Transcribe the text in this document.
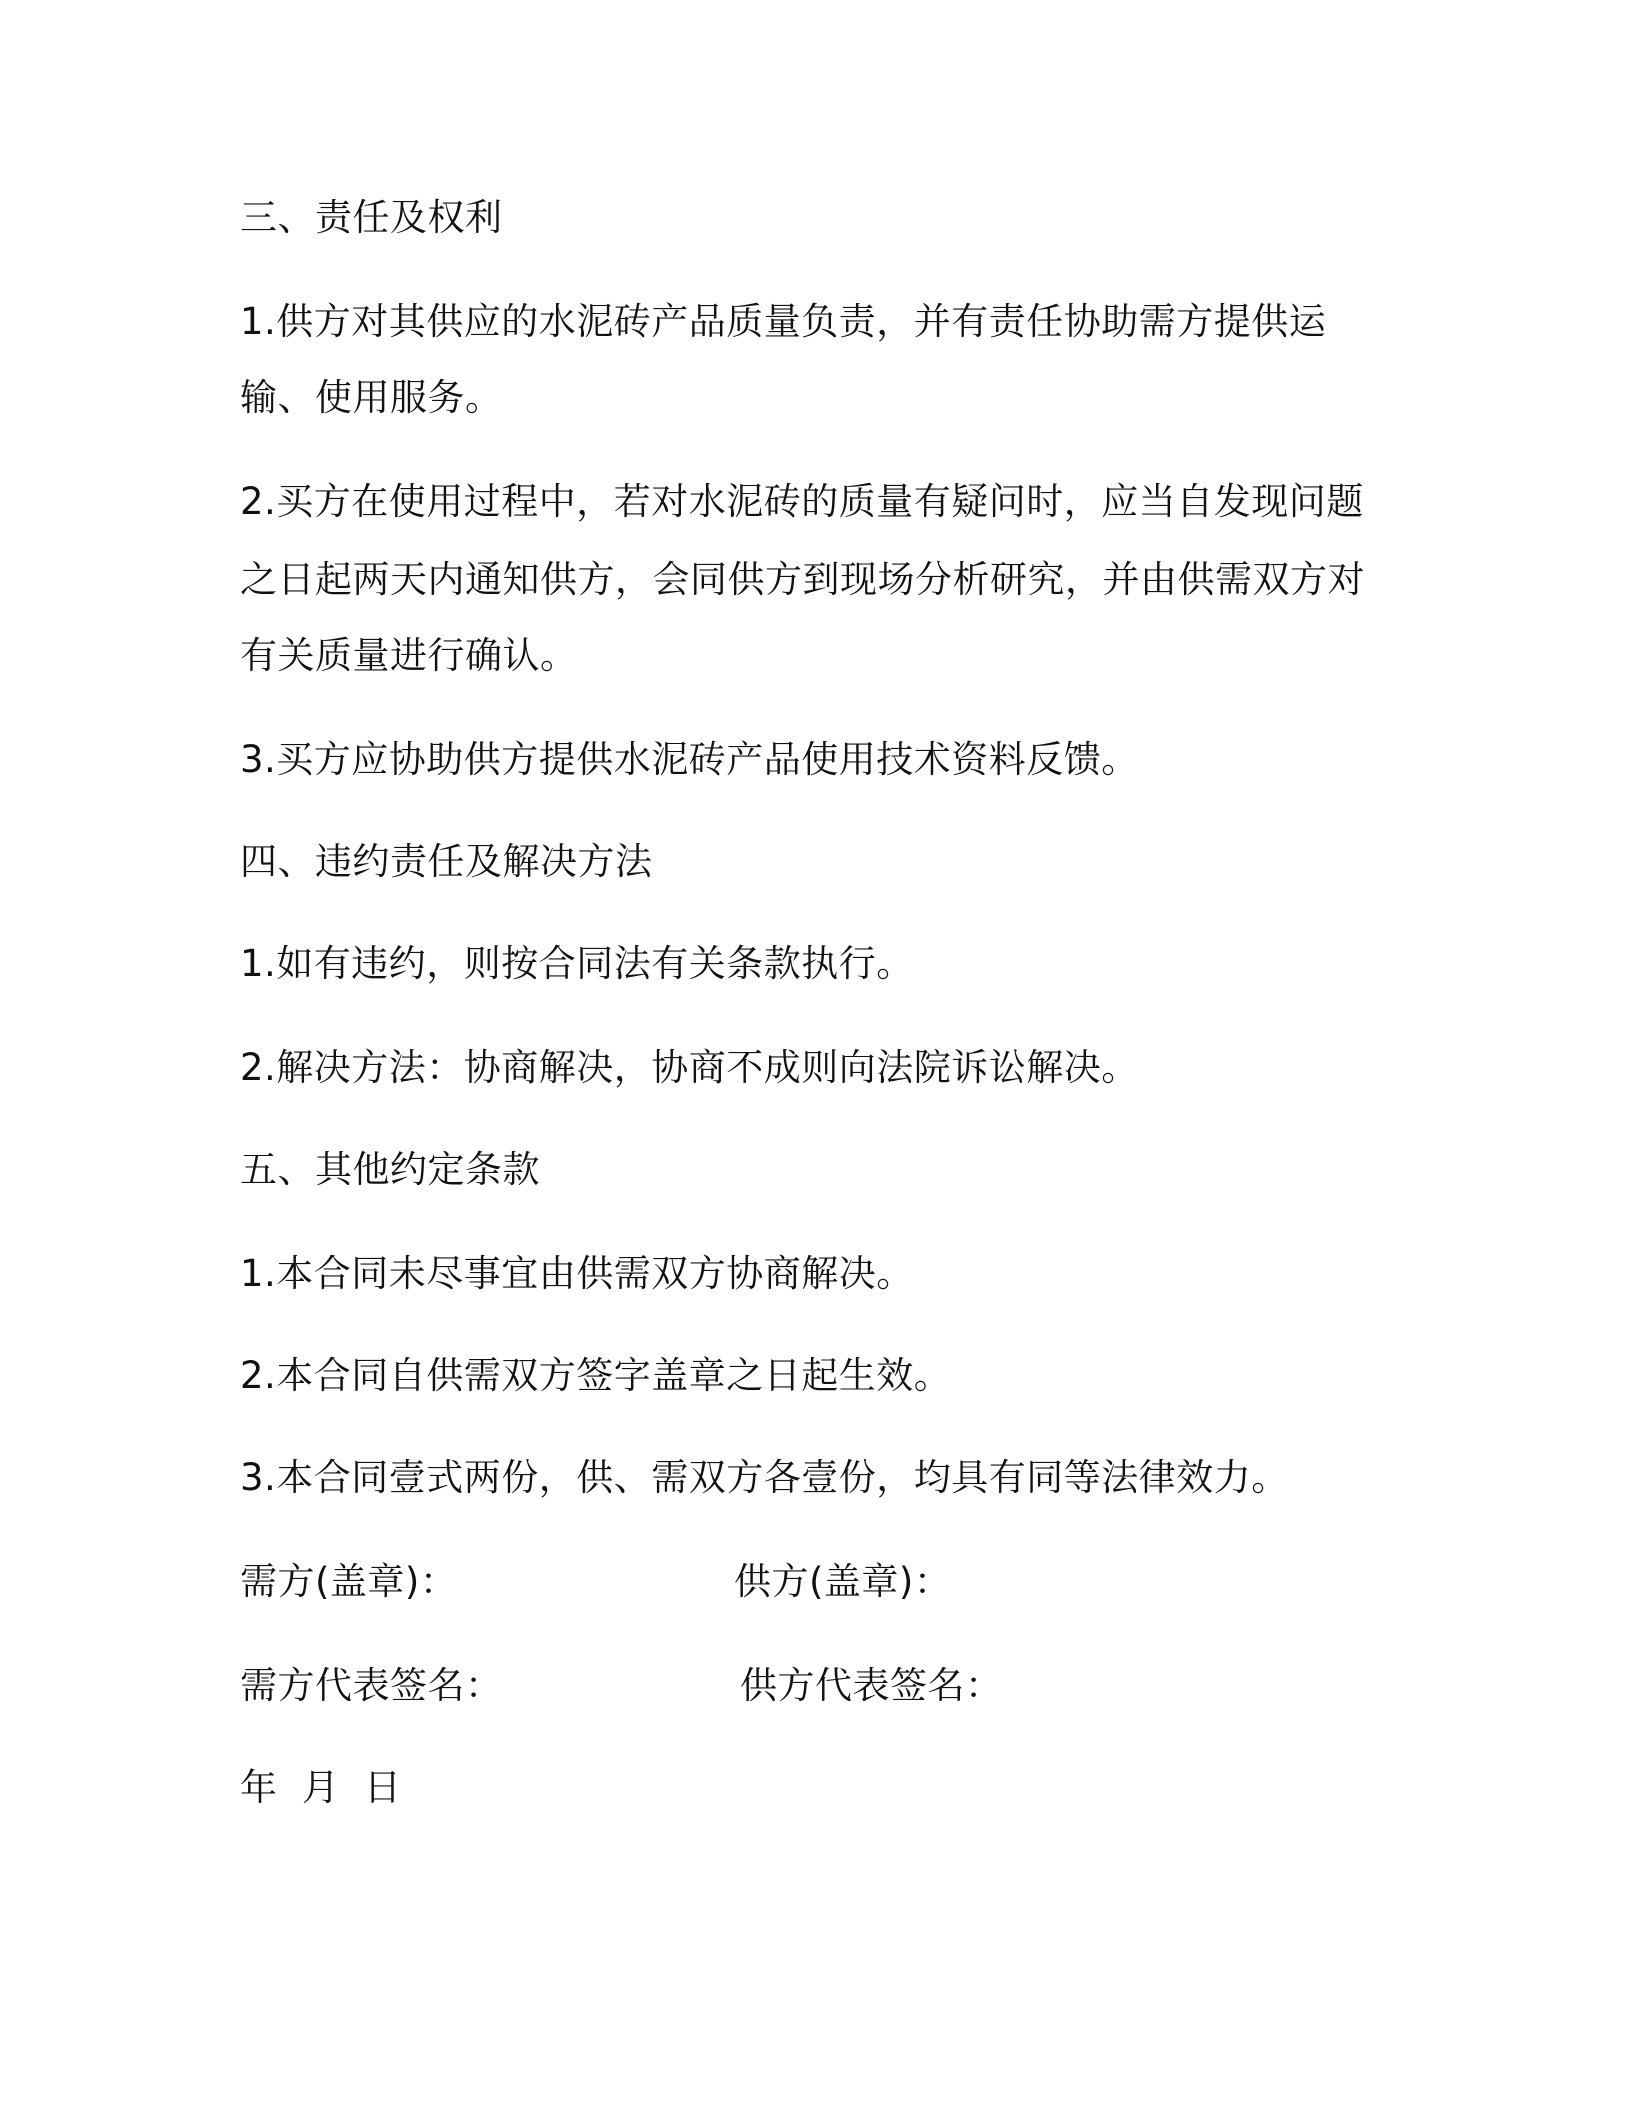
三、责任及权利
1.供方对其供应的水泥砖产品质量负责，并有责任协助需方提供运
输、使用服务。
2.买方在使用过程中，若对水泥砖的质量有疑问时，应当自发现问题
之日起两天内通知供方，会同供方到现场分析研究，并由供需双方对
有关质量进行确认。
3.买方应协助供方提供水泥砖产品使用技术资料反馈。
四、违约责任及解决方法
1.如有违约，则按合同法有关条款执行。
2.解决方法：协商解决，协商不成则向法院诉讼解决。
五、其他约定条款
1.本合同未尽事宜由供需双方协商解决。
2.本合同自供需双方签字盖章之日起生效。
3.本合同壹式两份，供、需双方各壹份，均具有同等法律效力。
需方(盖章)：	供方(盖章)：
需方代表签名：	供方代表签名：
年  月  日
